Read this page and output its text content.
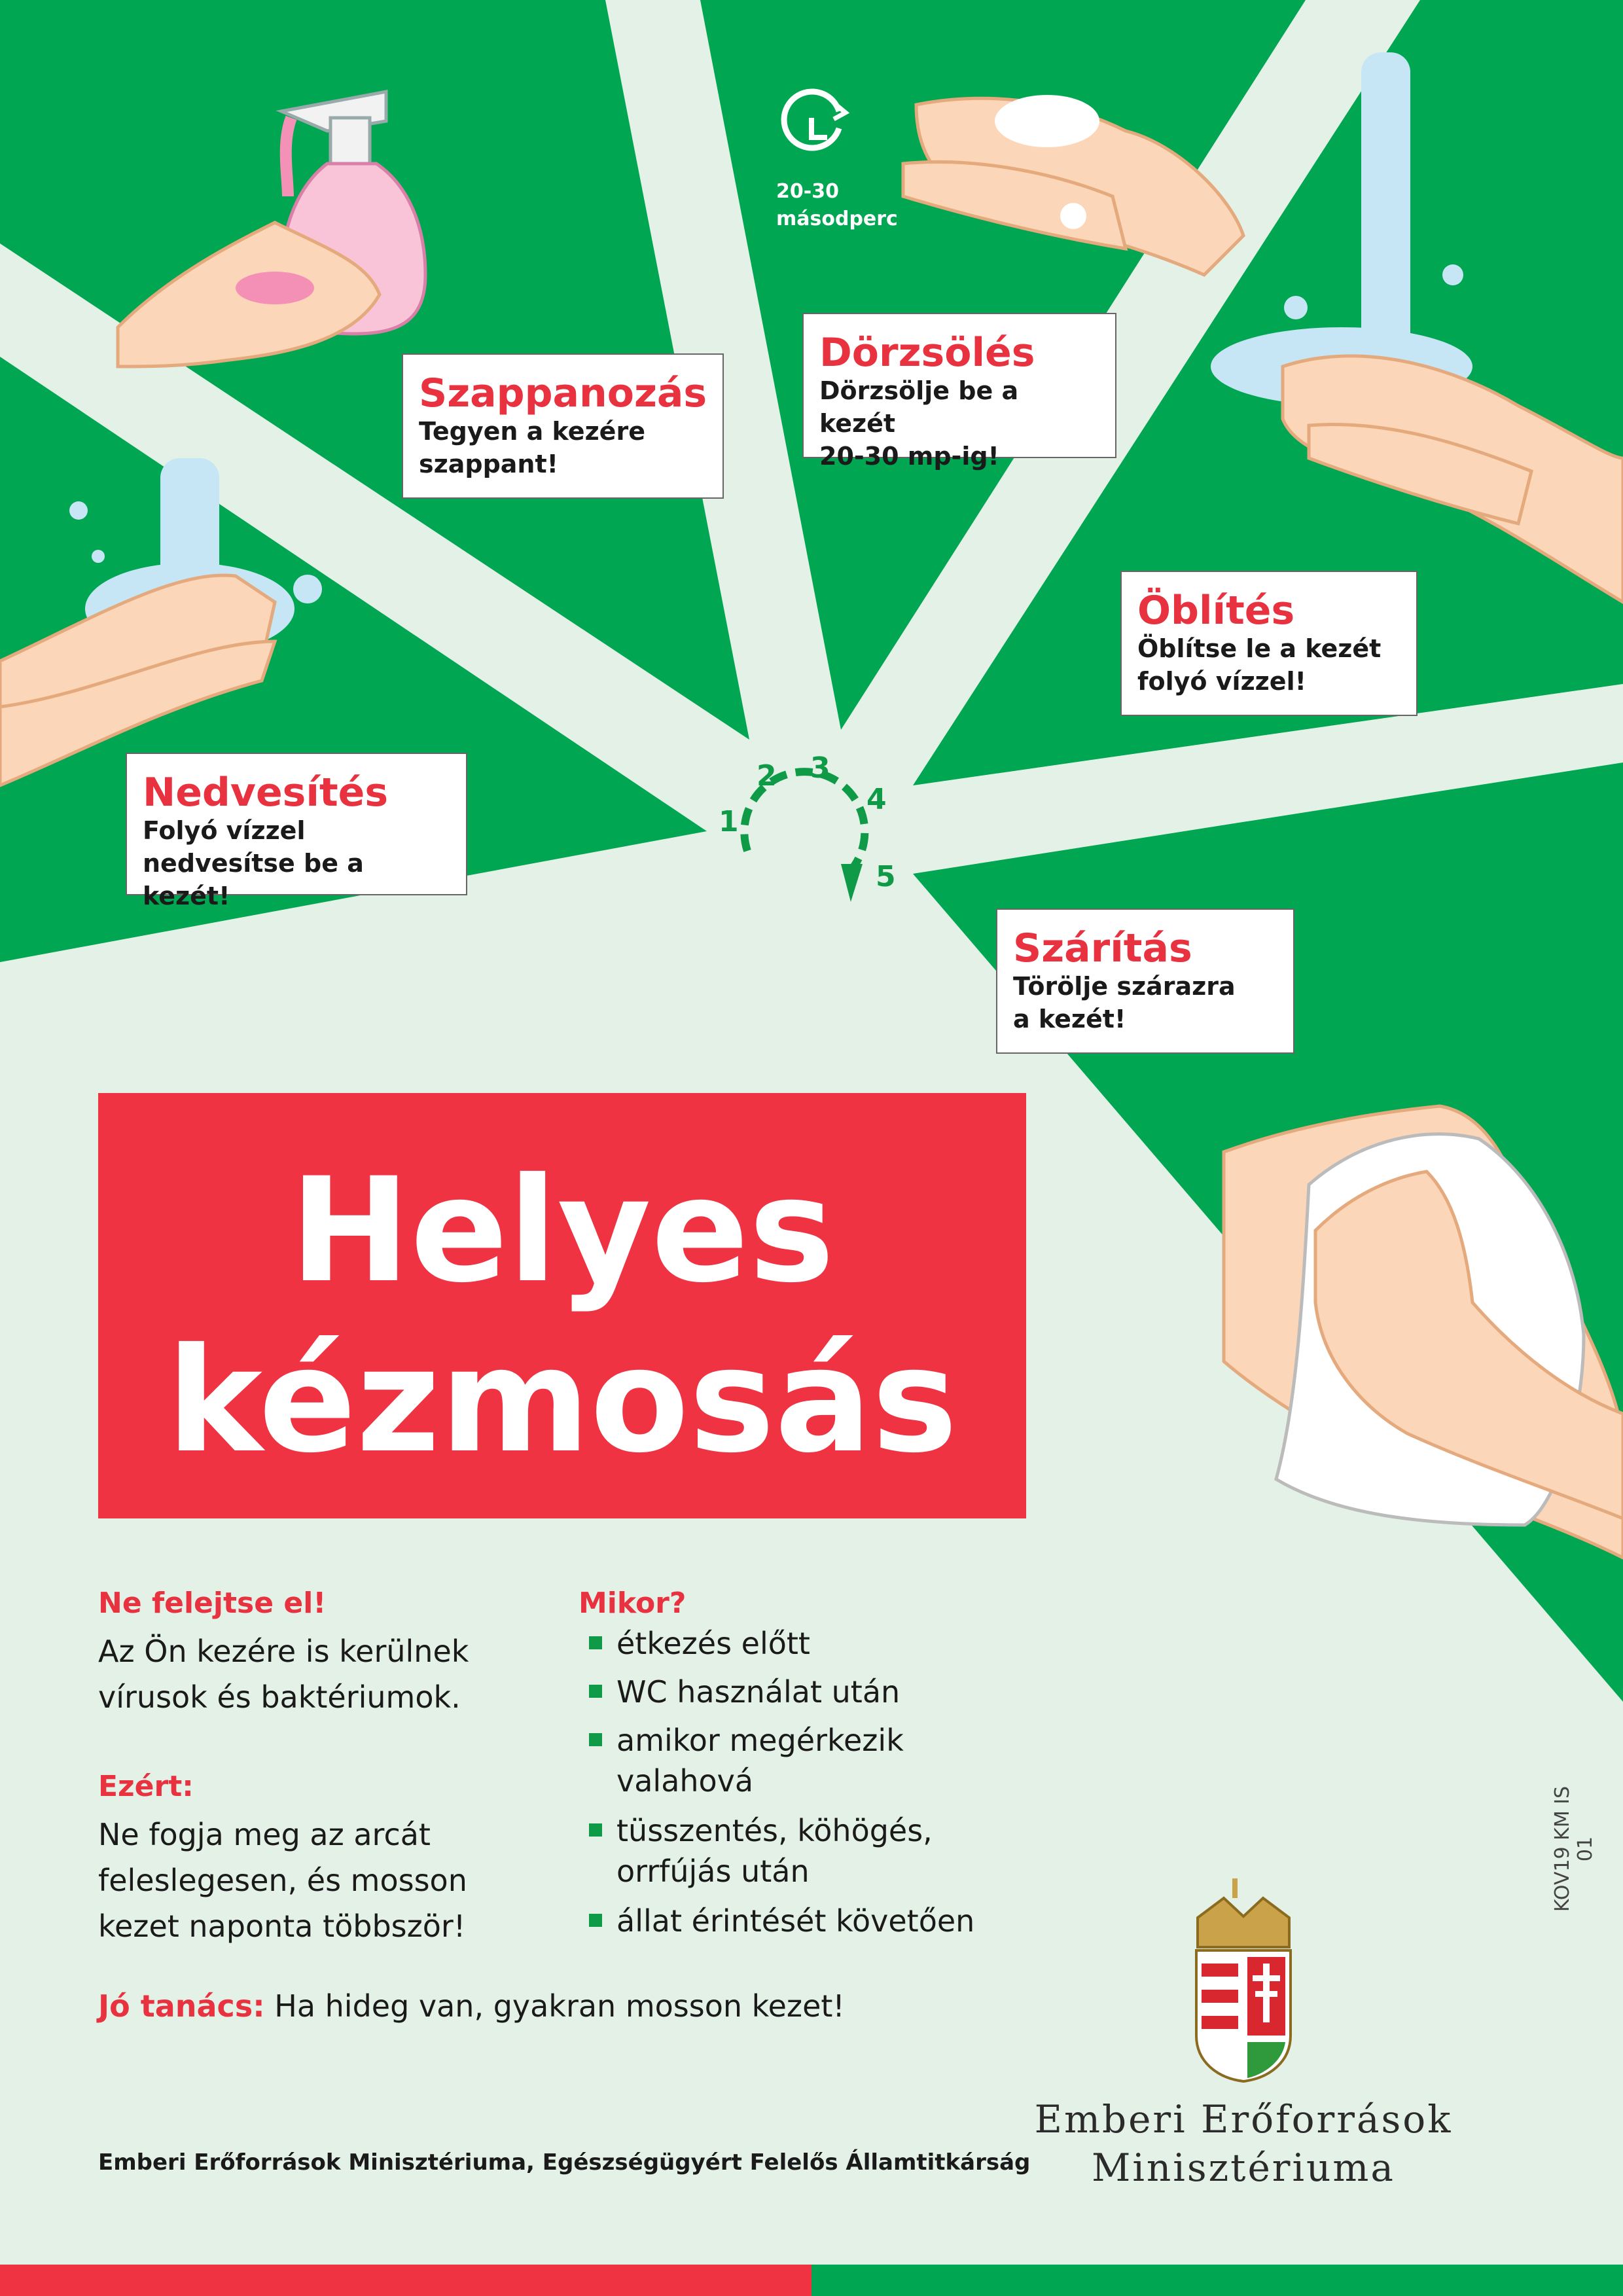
Nedvesítés
Folyó vízzel
nedvesítse be a kezét!
Szappanozás
Tegyen a kezére
szappant!
Dörzsölés
Dörzsölje be a kezét
20-30 mp-ig!
Öblítés
Öblítse le a kezét
folyó vízzel!
Szárítás
Törölje szárazra
a kezét!
20-30
másodperc
1
2 3
4
5
Helyes
kézmosás
Ne felejtse el!
Az Ön kezére is kerülnek
vírusok és baktériumok.
Ezért:
Ne fogja meg az arcát
feleslegesen, és mosson
kezet naponta többször!
Mikor?
étkezés előtt
WC használat után
amikor megérkezik
valahová
tüsszentés, köhögés,
orrfújás után
állat érintését követően
Jó tanács: Ha hideg van, gyakran mosson kezet!
Emberi Erőforrások Minisztériuma, Egészségügyért Felelős Államtitkárság
Emberi Erőforrások
Minisztériuma
KOV19 KM IS 01
